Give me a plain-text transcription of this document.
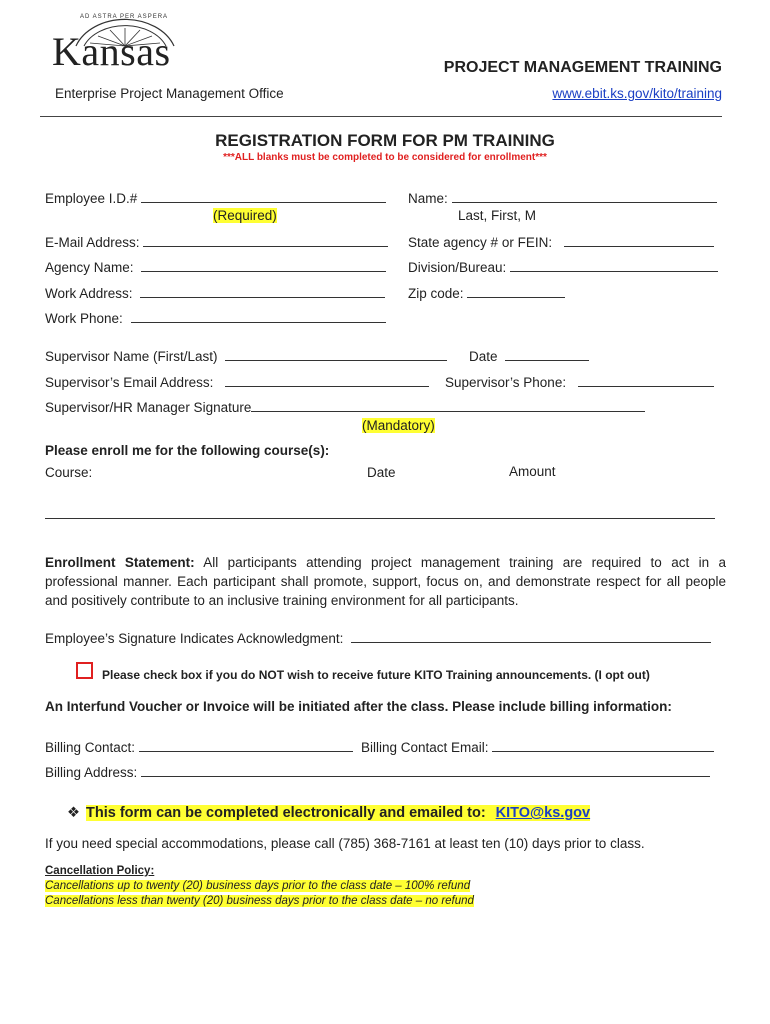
AD ASTRA PER ASPERA
Kansas
Enterprise Project Management Office
PROJECT MANAGEMENT TRAINING
www.ebit.ks.gov/kito/training
REGISTRATION FORM FOR PM TRAINING
***ALL blanks must be completed to be considered for enrollment***
Employee I.D.#
(Required)
Name:
Last, First, M
E-Mail Address:	State agency # or FEIN:
Agency Name:	Division/Bureau:
Work Address:	Zip code:
Work Phone:
Supervisor Name (First/Last)	Date
Supervisor’s Email Address:	Supervisor’s Phone:
Supervisor/HR Manager Signature
(Mandatory)
Please enroll me for the following course(s):
Course:	Date	Amount
Enrollment Statement: All participants attending project management training are required to act in a professional manner. Each participant shall promote, support, focus on, and demonstrate respect for all people and positively contribute to an inclusive training environment for all participants.
Employee’s Signature Indicates Acknowledgment:
Please check box if you do NOT wish to receive future KITO Training announcements. (I opt out)
An Interfund Voucher or Invoice will be initiated after the class. Please include billing information:
Billing Contact:	Billing Contact Email:
Billing Address:
❖ This form can be completed electronically and emailed to: KITO@ks.gov
If you need special accommodations, please call (785) 368-7161 at least ten (10) days prior to class.
Cancellation Policy:
Cancellations up to twenty (20) business days prior to the class date – 100% refund
Cancellations less than twenty (20) business days prior to the class date – no refund
